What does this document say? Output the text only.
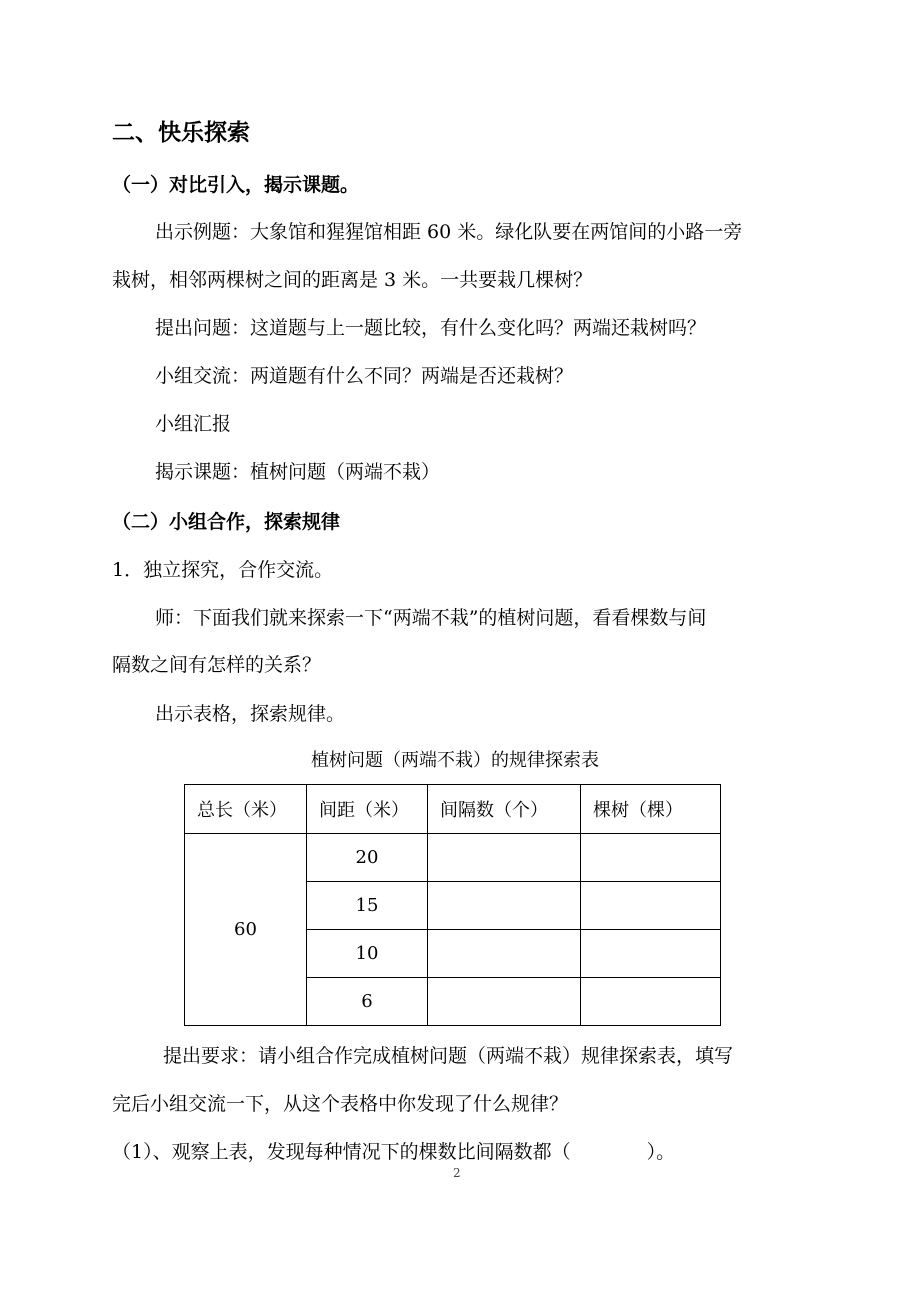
二、快乐探索
（一）对比引入，揭示课题。
出示例题：大象馆和猩猩馆相距 60 米。绿化队要在两馆间的小路一旁
栽树，相邻两棵树之间的距离是 3 米。一共要栽几棵树？
提出问题：这道题与上一题比较，有什么变化吗？两端还栽树吗？
小组交流：两道题有什么不同？两端是否还栽树？
小组汇报
揭示课题：植树问题（两端不栽）
（二）小组合作，探索规律
1．独立探究，合作交流。
师：下面我们就来探索一下“两端不栽”的植树问题，看看棵数与间
隔数之间有怎样的关系？
出示表格，探索规律。
植树问题（两端不栽）的规律探索表
总长（米）	间距（米）	间隔数（个）	棵树（棵）
60	20		
	15		
	10		
	6		
提出要求：请小组合作完成植树问题（两端不栽）规律探索表，填写
完后小组交流一下，从这个表格中你发现了什么规律？
（1）、观察上表，发现每种情况下的棵数比间隔数都（　　　　）。
2
